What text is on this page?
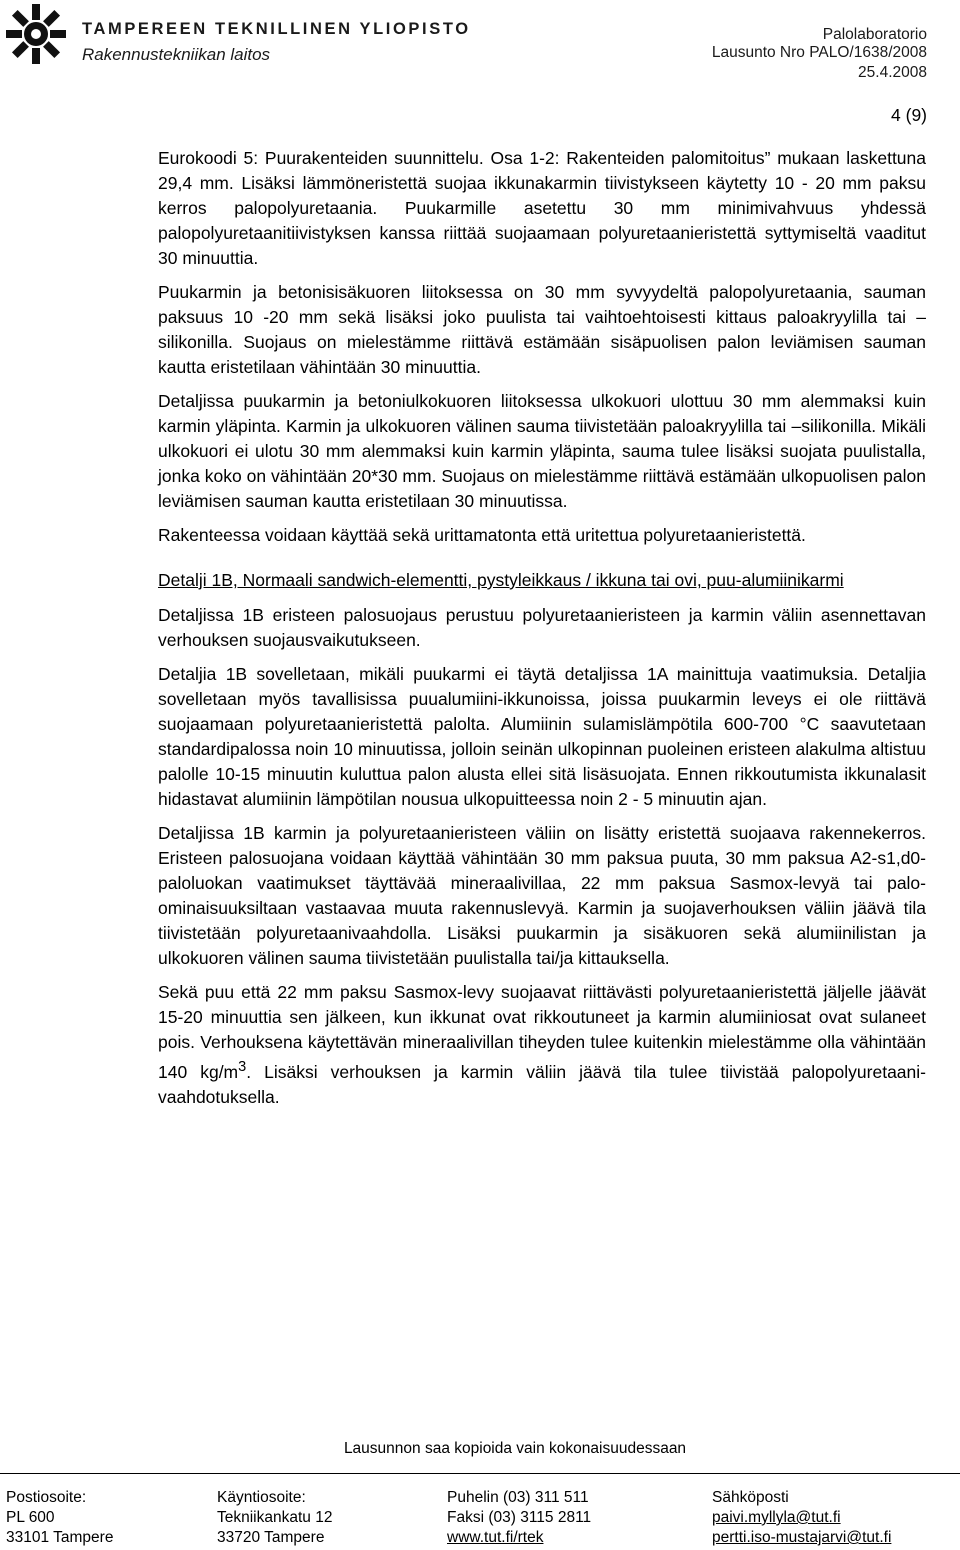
TAMPEREEN TEKNILLINEN YLIOPISTO
Rakennustekniikan laitos
Palolaboratorio
Lausunto Nro PALO/1638/2008
25.4.2008
4 (9)

Eurokoodi 5: Puurakenteiden suunnittelu. Osa 1-2: Rakenteiden palomitoitus” mukaan laskettuna 29,4 mm. Lisäksi lämmöneristettä suojaa ikkunakarmin tiivistykseen käytetty 10 - 20 mm paksu kerros palopolyuretaania. Puukarmille asetettu 30 mm minimivahvuus yhdessä palopolyuretaanitiivistyksen kanssa riittää suojaamaan polyuretaanieristettä syttymiseltä vaaditut 30 minuuttia.

Puukarmin ja betonisisäkuoren liitoksessa on 30 mm syvyydeltä palopolyuretaania, sauman paksuus 10 -20 mm sekä lisäksi joko puulista tai vaihtoehtoisesti kittaus paloakryylilla tai –silikonilla. Suojaus on mielestämme riittävä estämään sisäpuolisen palon leviämisen sauman kautta eristetilaan vähintään 30 minuuttia.

Detaljissa puukarmin ja betoniulkokuoren liitoksessa ulkokuori ulottuu 30 mm alemmaksi kuin karmin yläpinta. Karmin ja ulkokuoren välinen sauma tiivistetään paloakryylilla tai –silikonilla. Mikäli ulkokuori ei ulotu 30 mm alemmaksi kuin karmin yläpinta, sauma tulee lisäksi suojata puulistalla, jonka koko on vähintään 20*30 mm. Suojaus on mielestämme riittävä estämään ulkopuolisen palon leviämisen sauman kautta eristetilaan 30 minuutissa.

Rakenteessa voidaan käyttää sekä urittamatonta että uritettua polyuretaanieristettä.

Detalji 1B, Normaali sandwich-elementti, pystyleikkaus / ikkuna tai ovi, puu-alumiinikarmi

Detaljissa 1B eristeen palosuojaus perustuu polyuretaanieristeen ja karmin väliin asennettavan verhouksen suojausvaikutukseen.

Detaljia 1B sovelletaan, mikäli puukarmi ei täytä detaljissa 1A mainittuja vaatimuksia. Detaljia sovelletaan myös tavallisissa puualumiini-ikkunoissa, joissa puukarmin leveys ei ole riittävä suojaamaan polyuretaanieristettä palolta. Alumiinin sulamislämpötila 600-700 °C saavutetaan standardipalossa noin 10 minuutissa, jolloin seinän ulkopinnan puoleinen eristeen alakulma altistuu palolle 10-15 minuutin kuluttua palon alusta ellei sitä lisäsuojata. Ennen rikkoutumista ikkunalasit hidastavat alumiinin lämpötilan nousua ulkopuitteessa noin 2 - 5 minuutin ajan.

Detaljissa 1B karmin ja polyuretaanieristeen väliin on lisätty eristettä suojaava rakennekerros. Eristeen palosuojana voidaan käyttää vähintään 30 mm paksua puuta, 30 mm paksua A2-s1,d0-paloluokan vaatimukset täyttävää mineraalivillaa, 22 mm paksua Sasmox-levyä tai palo-ominaisuuksiltaan vastaavaa muuta rakennuslevyä. Karmin ja suojaverhouksen väliin jäävä tila tiivistetään polyuretaanivaahdolla. Lisäksi puukarmin ja sisäkuoren sekä alumiinilistan ja ulkokuoren välinen sauma tiivistetään puulistalla tai/ja kittauksella.

Sekä puu että 22 mm paksu Sasmox-levy suojaavat riittävästi polyuretaanieristettä jäljelle jäävät 15-20 minuuttia sen jälkeen, kun ikkunat ovat rikkoutuneet ja karmin alumiiniosat ovat sulaneet pois. Verhouksena käytettävän mineraalivillan tiheyden tulee kuitenkin mielestämme olla vähintään 140 $kg/m^3$. Lisäksi verhouksen ja karmin väliin jäävä tila tulee tiivistää palopolyuretaani-vaahdotuksella.

Lausunnon saa kopioida vain kokonaisuudessaan
Postiosoite:
PL 600
33101 Tampere
Käyntiosoite:
Tekniikankatu 12
33720 Tampere
Puhelin (03) 311 511
Faksi (03) 3115 2811
www.tut.fi/rtek
Sähköposti
paivi.myllyla@tut.fi
pertti.iso-mustajarvi@tut.fi
